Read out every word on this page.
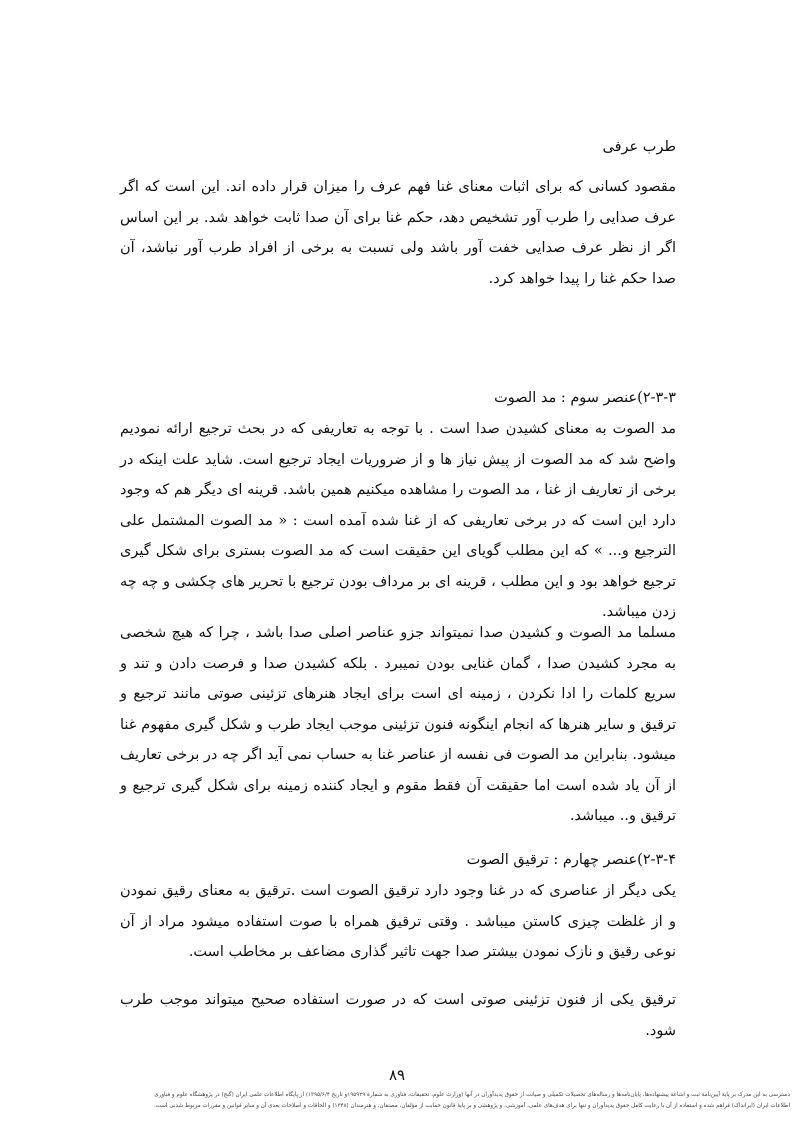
طرب عرفی

مقصود کسانی که برای اثبات معنای غنا فهم عرف را میزان قرار داده اند. این است که اگر عرف صدایی را طرب آور تشخیص دهد، حکم غنا برای آن صدا ثابت خواهد شد. بر این اساس اگر از نظر عرف صدایی خفت آور باشد ولی نسبت به برخی از افراد طرب آور نباشد، آن صدا حکم غنا را پیدا خواهد کرد.

۲-۳-۳)عنصر سوم : مد الصوت

مد الصوت به معنای کشیدن صدا است . با توجه به تعاریفی که در بحث ترجیع ارائه نمودیم واضح شد که مد الصوت از پیش نیاز ها و از ضروریات ایجاد ترجیع است. شاید علت اینکه در برخی از تعاریف از غنا ، مد الصوت را مشاهده میکنیم همین باشد. قرینه ای دیگر هم که وجود دارد این است که در برخی تعاریفی که از غنا شده آمده است : « مد الصوت المشتمل علی الترجیع و... » که این مطلب گویای این حقیقت است که مد الصوت بستری برای شکل گیری ترجیع خواهد بود و این مطلب ، قرینه ای بر مرداف بودن ترجیع با تحریر های چکشی و چه چه زدن میباشد.

مسلما مد الصوت و کشیدن صدا نمیتواند جزو عناصر اصلی صدا باشد ، چرا که هیچ شخصی به مجرد کشیدن صدا ، گمان غنایی بودن نمیبرد . بلکه کشیدن صدا و فرصت دادن و تند و سریع کلمات را ادا نکردن ، زمینه ای است برای ایجاد هنرهای تزئینی صوتی مانند ترجیع و ترقیق و سایر هنرها که انجام اینگونه فنون تزئینی موجب ایجاد طرب و شکل گیری مفهوم غنا میشود. بنابراین مد الصوت فی نفسه از عناصر غنا به حساب نمی آید اگر چه در برخی تعاریف از آن یاد شده است اما حقیقت آن فقط مقوم و ایجاد کننده زمینه برای شکل گیری ترجیع و ترقیق و.. میباشد.

۲-۳-۴)عنصر چهارم : ترقیق الصوت

یکی دیگر از عناصری که در غنا وجود دارد ترقیق الصوت است .ترقیق به معنای رقیق نمودن و از غلظت چیزی کاستن میباشد . وقتی ترقیق همراه با صوت استفاده میشود مراد از آن نوعی رقیق و نازک نمودن بیشتر صدا جهت تاثیر گذاری مضاعف بر مخاطب است.

ترقیق یکی از فنون تزئینی صوتی است که در صورت استفاده صحیح میتواند موجب طرب شود.

۸۹
دسترسی به این مدرک بر پایهٔ آیین‌نامهٔ ثبت و اشاعهٔ پیشنهاده‌ها، پایان‌نامه‌ها و رساله‌های تحصیلات تکمیلی و صیانت از حقوق پدیدآوران در آنها (وزارت علوم، تحقیقات، فناوری به شمارهٔ ۱۹۵۹۲۹و تاریخ ۱۳۹۵/۶/۴) از پایگاه اطلاعات علمی ایران (گنج) در پژوهشگاه علوم و فناوری
اطلاعات ایران (ایرانداک) فراهم شده و استفاده از آن با رعایت کامل حقوق پدیدآوران و تنها برای هدف‌های علمی، آموزشی، و پژوهشی و بر پایهٔ قانون حمایت از مؤلفان، مصنفان، و هنرمندان (۱۳۴۸) و الحاقات و اصلاحات بعدی آن و سایر قوانین و مقررات مربوط شدنی است.
